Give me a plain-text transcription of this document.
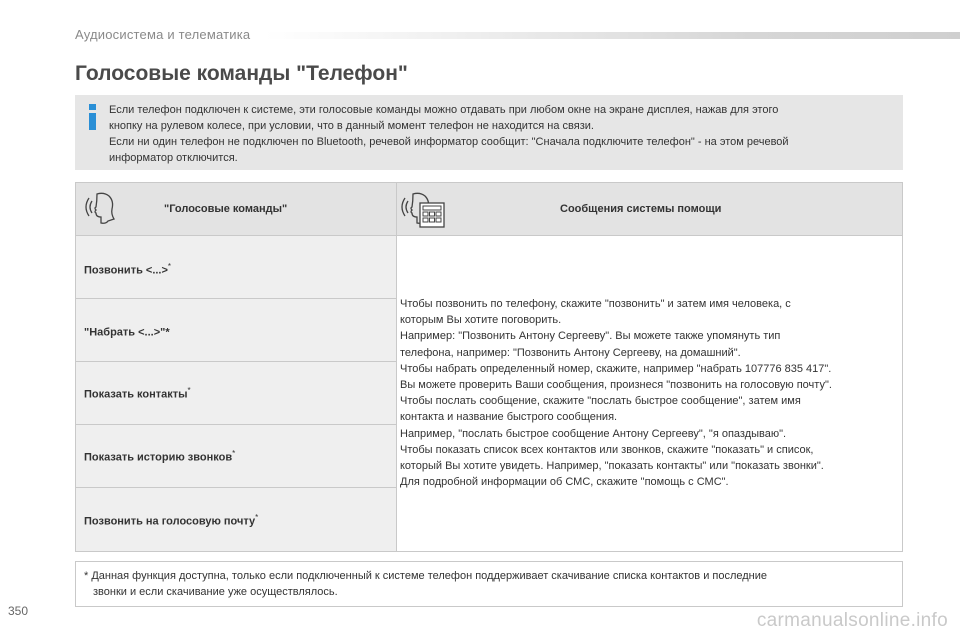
Аудиосистема и телематика
Голосовые команды "Телефон"

Если телефон подключен к системе, эти голосовые команды можно отдавать при любом окне на экране дисплея, нажав для этого

кнопку на рулевом колесе, при условии, что в данный момент телефон не находится на связи.

Если ни один телефон не подключен по Bluetooth, речевой информатор сообщит: "Сначала подключите телефон" - на этом речевой

информатор отключится.

"Голосовые команды"	Сообщения системы помощи
Позвонить <...>*
"Набрать <...>"*
Показать контакты*
Показать историю звонков*
Позвонить на голосовую почту*

Чтобы позвонить по телефону, скажите "позвонить" и затем имя человека, с

которым Вы хотите поговорить.

Например: "Позвонить Антону Сергееву". Вы можете также упомянуть тип

телефона, например: "Позвонить Антону Сергееву, на домашний".

Чтобы набрать определенный номер, скажите, например "набрать 107776 835 417".

Вы можете проверить Ваши сообщения, произнеся "позвонить на голосовую почту".

Чтобы послать сообщение, скажите "послать быстрое сообщение", затем имя

контакта и название быстрого сообщения.

Например, "послать быстрое сообщение Антону Сергееву", "я опаздываю".

Чтобы показать список всех контактов или звонков, скажите "показать" и список,

который Вы хотите увидеть. Например, "показать контакты" или "показать звонки".

Для подробной информации об СМС, скажите "помощь с СМС".

* Данная функция доступна, только если подключенный к системе телефон поддерживает скачивание списка контактов и последние

звонки и если скачивание уже осуществлялось.

350	carmanualsonline.info
